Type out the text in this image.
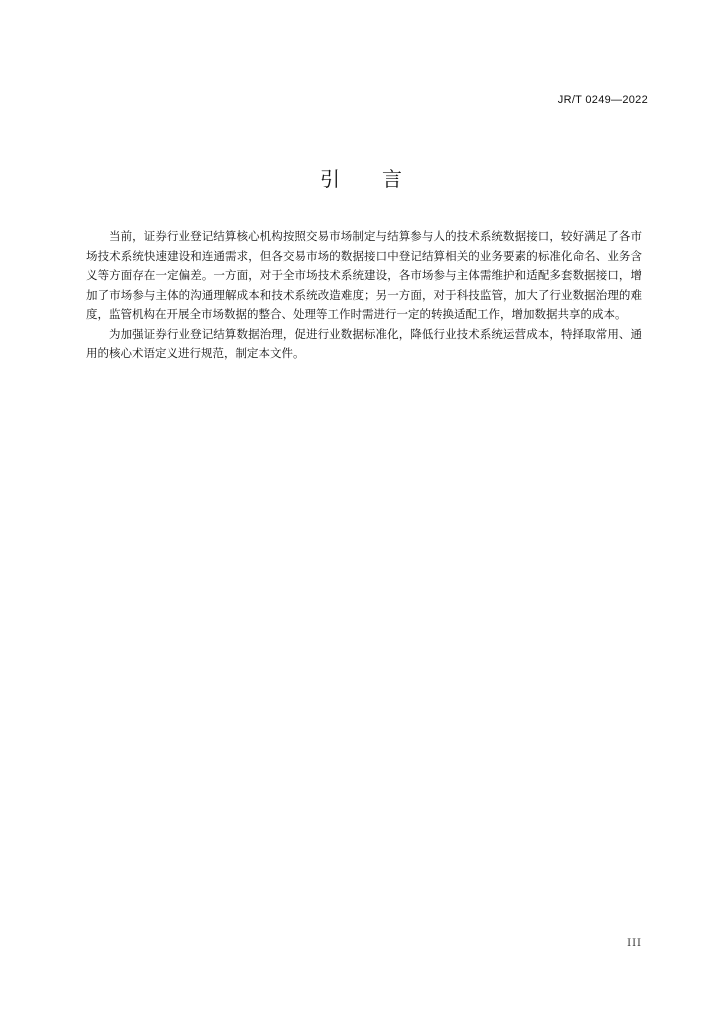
JR/T 0249—2022
引 言

当前，证券行业登记结算核心机构按照交易市场制定与结算参与人的技术系统数据接口，较好满足了各市场技术系统快速建设和连通需求，但各交易市场的数据接口中登记结算相关的业务要素的标准化命名、业务含义等方面存在一定偏差。一方面，对于全市场技术系统建设，各市场参与主体需维护和适配多套数据接口，增加了市场参与主体的沟通理解成本和技术系统改造难度；另一方面，对于科技监管，加大了行业数据治理的难度，监管机构在开展全市场数据的整合、处理等工作时需进行一定的转换适配工作，增加数据共享的成本。

为加强证券行业登记结算数据治理，促进行业数据标准化，降低行业技术系统运营成本，特择取常用、通用的核心术语定义进行规范，制定本文件。

III
